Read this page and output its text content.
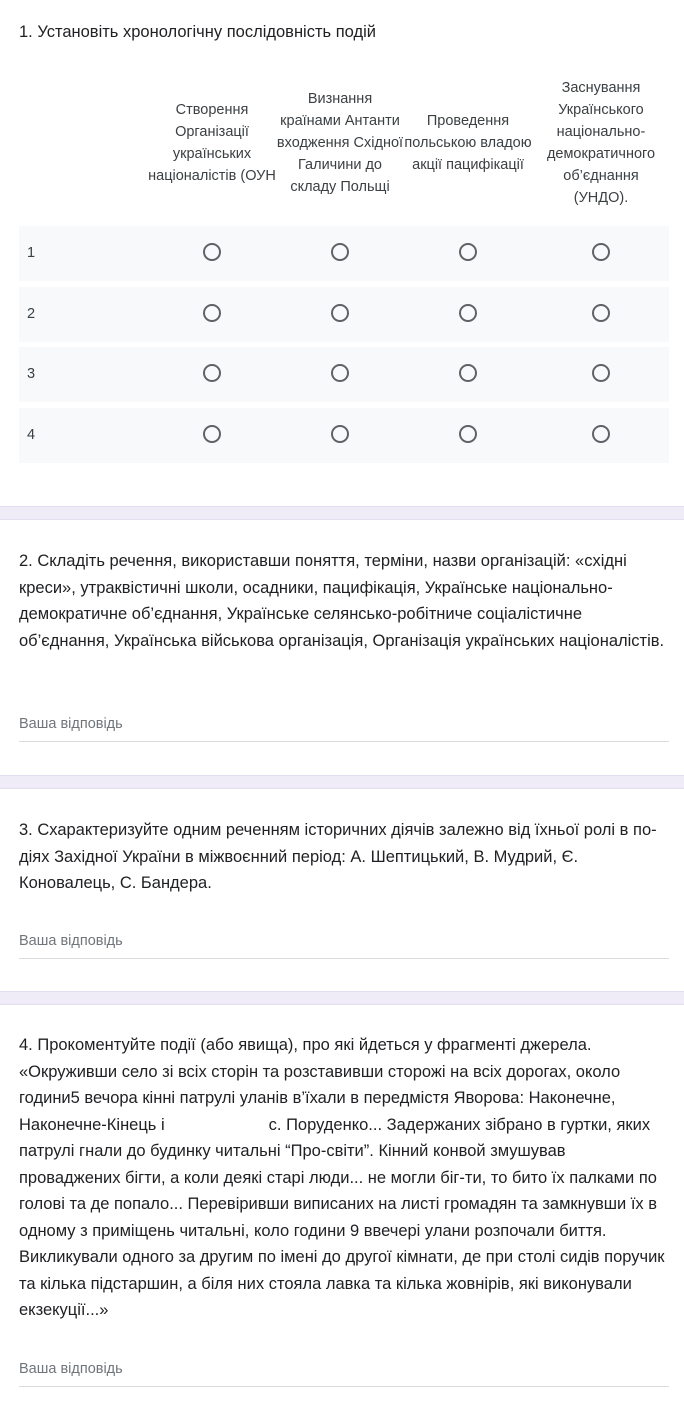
1. Установіть хронологічну послідовність подій
Створення Організації українських націоналістів (ОУН
Визнання країнами Антанти входження Східної Галичини до складу Польщі
Проведення польською владою акції пацифікації
Заснування Українського національно-демократичного об’єднання (УНДО).
1
2
3
4
2. Складіть речення, використавши поняття, терміни, назви організацій: «східні креси», утраквістичні школи, осадники, пацифікація, Українське національно-демократичне об’єднання, Українське селянсько-робітниче соціалістичне об’єднання, Українська військова організація, Організація українських націоналістів.
Ваша відповідь
3. Схарактеризуйте одним реченням історичних діячів залежно від їхньої ролі в по-діях Західної України в міжвоєнний період: А. Шептицький, В. Мудрий, Є. Коновалець, С. Бандера.
Ваша відповідь
4. Прокоментуйте події (або явища), про які йдеться у фрагменті джерела. «Окруживши село зі всіх сторін та розставивши сторожі на всіх дорогах, около години5 вечора кінні патрулі уланів в’їхали в передмістя Яворова: Наконечне, Наконечне-Кінець і	с. Поруденко... Задержаних зібрано в гуртки, яких патрулі гнали до будинку читальні “Про-світи”. Кінний конвой змушував проваджених бігти, а коли деякі старі люди... не могли біг-ти, то бито їх палками по голові та де попало... Перевіривши виписаних на листі громадян та замкнувши їх в одному з приміщень читальні, коло години 9 ввечері улани розпочали биття. Викликували одного за другим по імені до другої кімнати, де при столі сидів поручик та кілька підстаршин, а біля них стояла лавка та кілька жовнірів, які виконували екзекуції...»
Ваша відповідь
